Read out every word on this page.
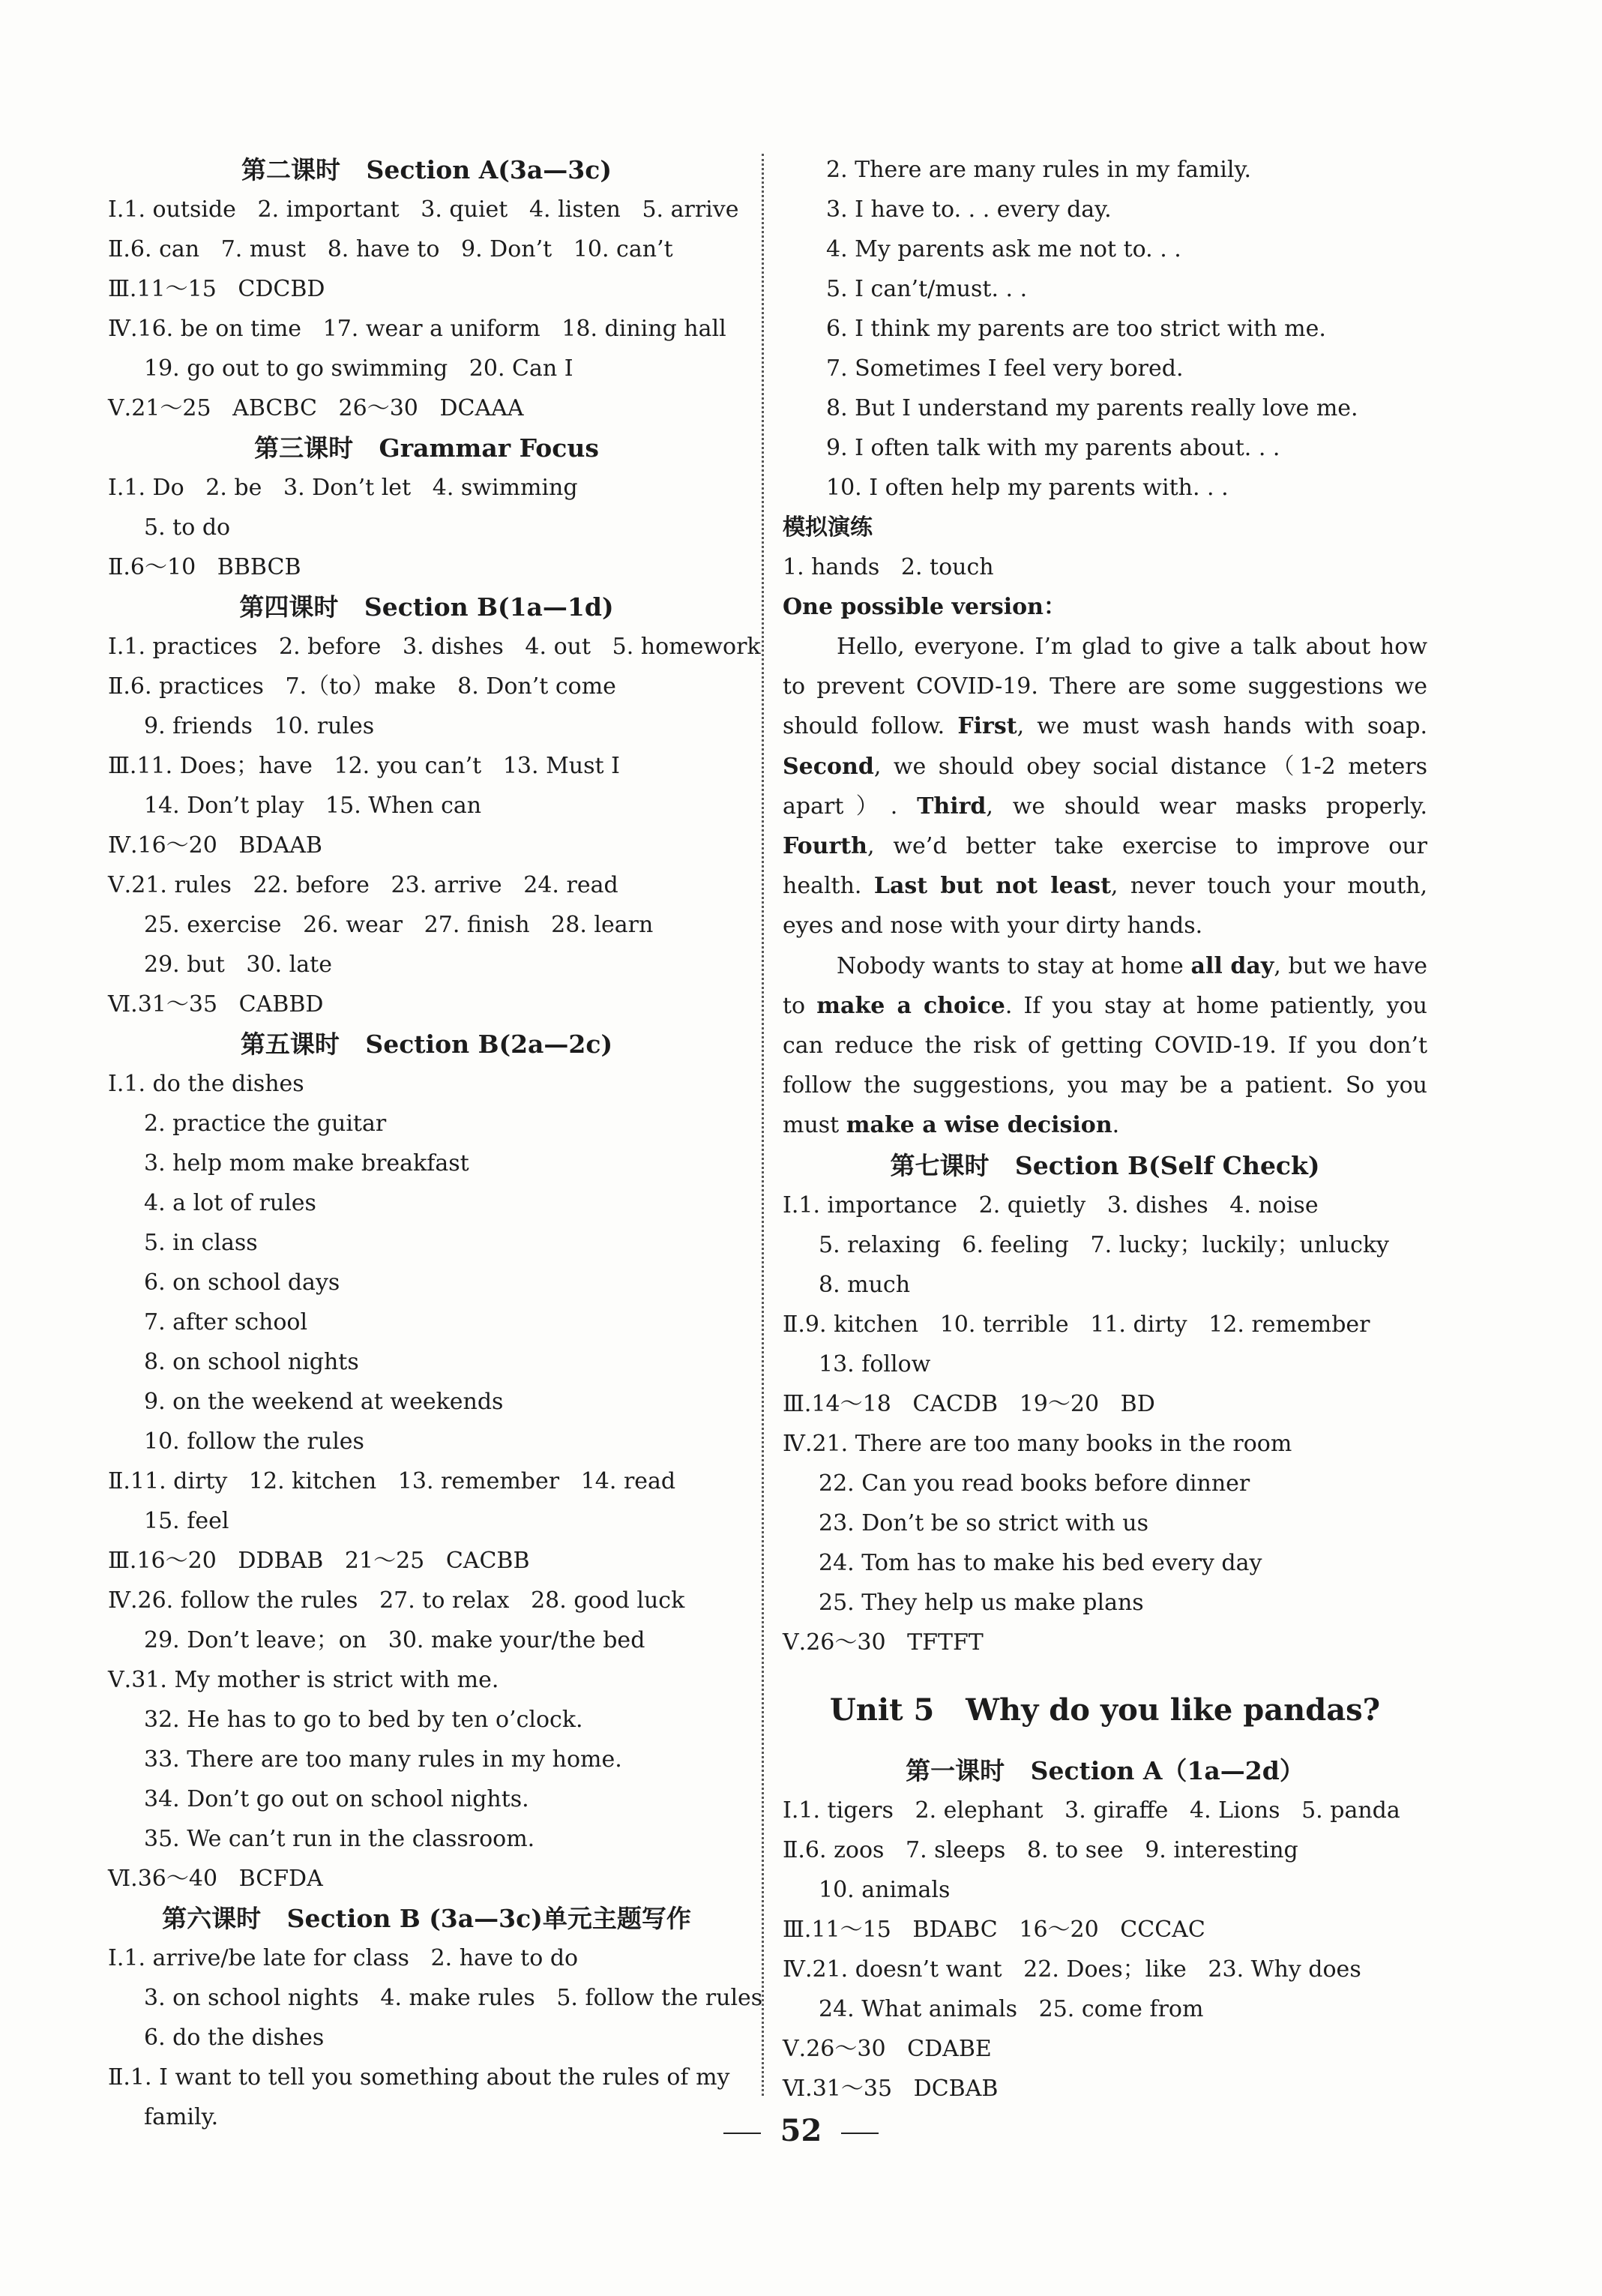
第二课时   Section A(3a—3c)
Ⅰ.1. outside   2. important   3. quiet   4. listen   5. arrive
Ⅱ.6. can   7. must   8. have to   9. Don’t   10. can’t
Ⅲ.11～15   CDCBD
Ⅳ.16. be on time   17. wear a uniform   18. dining hall
19. go out to go swimming   20. Can I
Ⅴ.21～25   ABCBC   26～30   DCAAA
第三课时   Grammar Focus
Ⅰ.1. Do   2. be   3. Don’t let   4. swimming
5. to do
Ⅱ.6～10   BBBCB
第四课时   Section B(1a—1d)
Ⅰ.1. practices   2. before   3. dishes   4. out   5. homework
Ⅱ.6. practices   7.（to）make   8. Don’t come
9. friends   10. rules
Ⅲ.11. Does；have   12. you can’t   13. Must I
14. Don’t play   15. When can
Ⅳ.16～20   BDAAB
Ⅴ.21. rules   22. before   23. arrive   24. read
25. exercise   26. wear   27. finish   28. learn
29. but   30. late
Ⅵ.31～35   CABBD
第五课时   Section B(2a—2c)
Ⅰ.1. do the dishes
2. practice the guitar
3. help mom make breakfast
4. a lot of rules
5. in class
6. on school days
7. after school
8. on school nights
9. on the weekend at weekends
10. follow the rules
Ⅱ.11. dirty   12. kitchen   13. remember   14. read
15. feel
Ⅲ.16～20   DDBAB   21～25   CACBB
Ⅳ.26. follow the rules   27. to relax   28. good luck
29. Don’t leave；on   30. make your/the bed
Ⅴ.31. My mother is strict with me.
32. He has to go to bed by ten o’clock.
33. There are too many rules in my home.
34. Don’t go out on school nights.
35. We can’t run in the classroom.
Ⅵ.36～40   BCFDA
第六课时   Section B (3a—3c)单元主题写作
Ⅰ.1. arrive/be late for class   2. have to do
3. on school nights   4. make rules   5. follow the rules
6. do the dishes
Ⅱ.1. I want to tell you something about the rules of my
family.
2. There are many rules in my family.
3. I have to. . . every day.
4. My parents ask me not to. . .
5. I can’t/must. . .
6. I think my parents are too strict with me.
7. Sometimes I feel very bored.
8. But I understand my parents really love me.
9. I often talk with my parents about. . .
10. I often help my parents with. . .
模拟演练
1. hands   2. touch
One possible version：

Hello, everyone. I’m glad to give a talk about how to prevent COVID-19. There are some suggestions we should follow. First, we must wash hands with soap. Second, we should obey social distance（1-2 meters apart）. Third, we should wear masks properly. Fourth, we’d better take exercise to improve our health. Last but not least, never touch your mouth, eyes and nose with your dirty hands.

Nobody wants to stay at home all day, but we have to make a choice. If you stay at home patiently, you can reduce the risk of getting COVID-19. If you don’t follow the suggestions, you may be a patient. So you must make a wise decision.

第七课时   Section B(Self Check)
Ⅰ.1. importance   2. quietly   3. dishes   4. noise
5. relaxing   6. feeling   7. lucky；luckily；unlucky
8. much
Ⅱ.9. kitchen   10. terrible   11. dirty   12. remember
13. follow
Ⅲ.14～18   CACDB   19～20   BD
Ⅳ.21. There are too many books in the room
22. Can you read books before dinner
23. Don’t be so strict with us
24. Tom has to make his bed every day
25. They help us make plans
Ⅴ.26～30   TFTFT
Unit 5   Why do you like pandas?
第一课时   Section A（1a—2d）
Ⅰ.1. tigers   2. elephant   3. giraffe   4. Lions   5. panda
Ⅱ.6. zoos   7. sleeps   8. to see   9. interesting
10. animals
Ⅲ.11～15   BDABC   16～20   CCCAC
Ⅳ.21. doesn’t want   22. Does；like   23. Why does
24. What animals   25. come from
Ⅴ.26～30   CDABE
Ⅵ.31～35   DCBAB
52
